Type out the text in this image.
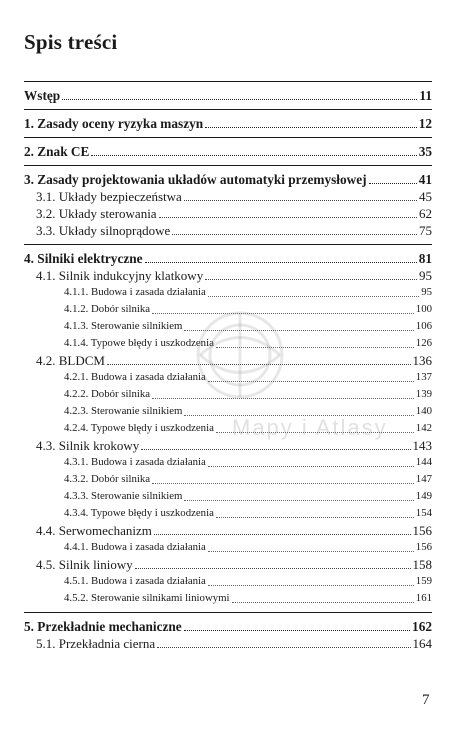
Spis treści
Wstęp	11
1. Zasady oceny ryzyka maszyn	12
2. Znak CE	35
3. Zasady projektowania układów automatyki przemysłowej	41
3.1. Układy bezpieczeństwa	45
3.2. Układy sterowania	62
3.3. Układy silnoprądowe	75
4. Silniki elektryczne	81
4.1. Silnik indukcyjny klatkowy	95
4.1.1. Budowa i zasada działania	95
4.1.2. Dobór silnika	100
4.1.3. Sterowanie silnikiem	106
4.1.4. Typowe błędy i uszkodzenia	126
4.2. BLDCM	136
4.2.1. Budowa i zasada działania	137
4.2.2. Dobór silnika	139
4.2.3. Sterowanie silnikiem	140
4.2.4. Typowe błędy i uszkodzenia	142
4.3. Silnik krokowy	143
4.3.1. Budowa i zasada działania	144
4.3.2. Dobór silnika	147
4.3.3. Sterowanie silnikiem	149
4.3.4. Typowe błędy i uszkodzenia	154
4.4. Serwomechanizm	156
4.4.1. Budowa i zasada działania	156
4.5. Silnik liniowy	158
4.5.1. Budowa i zasada działania	159
4.5.2. Sterowanie silnikami liniowymi	161
5. Przekładnie mechaniczne	162
5.1. Przekładnia cierna	164
Mapy i Atlasy
7
